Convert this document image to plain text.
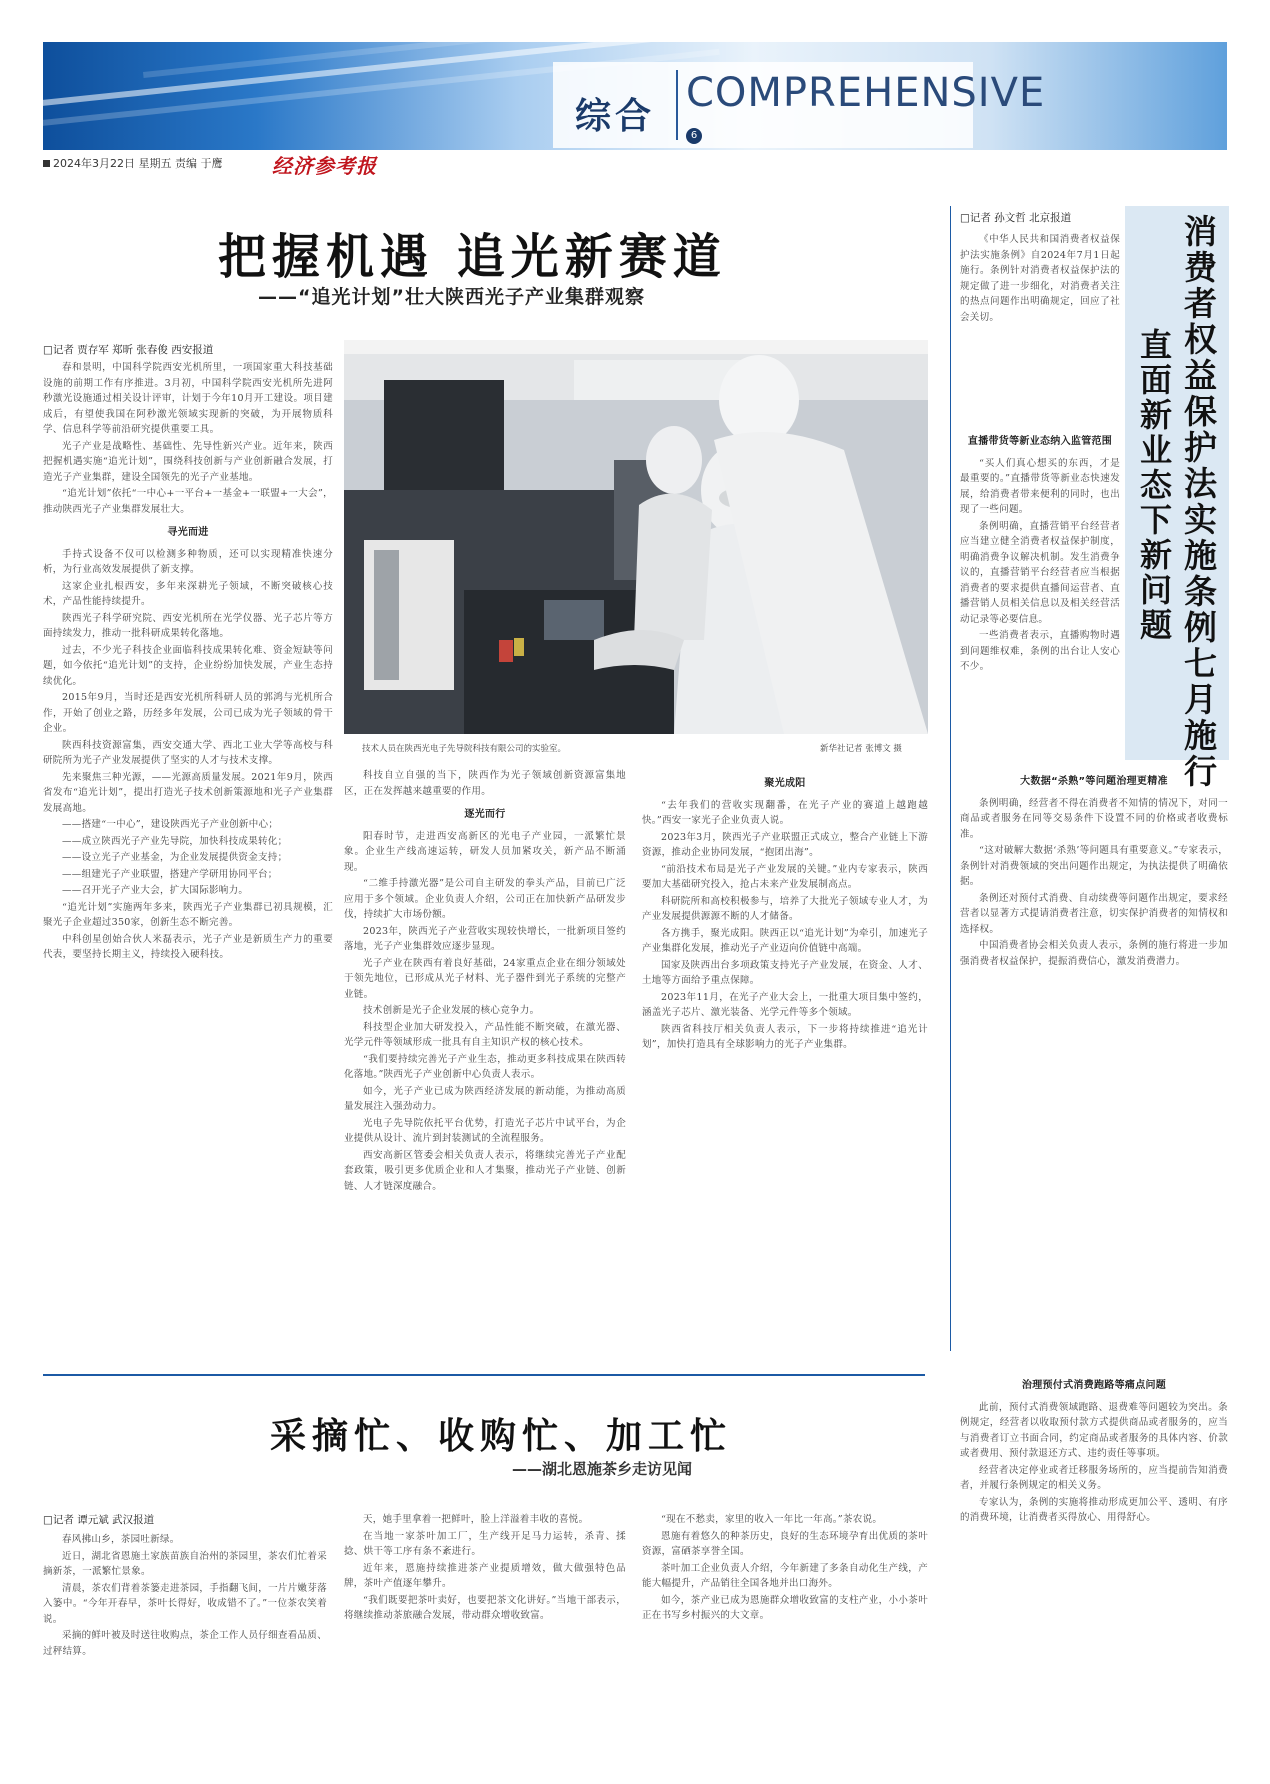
综合 COMPREHENSIVE
6
2024年3月22日 星期五 责编 于鹰 经济参考报
把握机遇 追光新赛道
——“追光计划”壮大陕西光子产业集群观察
□记者 贾存军 郑昕 张春俊 西安报道

春和景明，中国科学院西安光机所里，一项国家重大科技基础设施的前期工作有序推进。3月初，中国科学院西安光机所先进阿秒激光设施通过相关设计评审，计划于今年10月开工建设。项目建成后，有望使我国在阿秒激光领域实现新的突破，为开展物质科学、信息科学等前沿研究提供重要工具。

光子产业是战略性、基础性、先导性新兴产业。近年来，陕西把握机遇实施“追光计划”，围绕科技创新与产业创新融合发展，打造光子产业集群，建设全国领先的光子产业基地。

“追光计划”依托“一中心+一平台+一基金+一联盟+一大会”，推动陕西光子产业集群发展壮大。

寻光而进

手持式设备不仅可以检测多种物质，还可以实现精准快速分析，为行业高效发展提供了新支撑。

这家企业扎根西安，多年来深耕光子领域，不断突破核心技术，产品性能持续提升。

陕西光子科学研究院、西安光机所在光学仪器、光子芯片等方面持续发力，推动一批科研成果转化落地。

过去，不少光子科技企业面临科技成果转化难、资金短缺等问题，如今依托“追光计划”的支持，企业纷纷加快发展，产业生态持续优化。

2015年9月，当时还是西安光机所科研人员的郭鸿与光机所合作，开始了创业之路，历经多年发展，公司已成为光子领域的骨干企业。

陕西科技资源富集，西安交通大学、西北工业大学等高校与科研院所为光子产业发展提供了坚实的人才与技术支撑。

先来聚焦三种光源，——光源高质量发展。2021年9月，陕西省发布“追光计划”，提出打造光子技术创新策源地和光子产业集群发展高地。

——搭建“一中心”，建设陕西光子产业创新中心；

——成立陕西光子产业先导院，加快科技成果转化；

——设立光子产业基金，为企业发展提供资金支持；

——组建光子产业联盟，搭建产学研用协同平台；

——召开光子产业大会，扩大国际影响力。

“追光计划”实施两年多来，陕西光子产业集群已初具规模，汇聚光子企业超过350家，创新生态不断完善。

中科创星创始合伙人米磊表示，光子产业是新质生产力的重要代表，要坚持长期主义，持续投入硬科技。

技术人员在陕西光电子先导院科技有限公司的实验室。	新华社记者 张博文 摄

科技自立自强的当下，陕西作为光子领域创新资源富集地区，正在发挥越来越重要的作用。

逐光而行

阳春时节，走进西安高新区的光电子产业园，一派繁忙景象。企业生产线高速运转，研发人员加紧攻关，新产品不断涌现。

“二维手持激光器”是公司自主研发的拳头产品，目前已广泛应用于多个领域。企业负责人介绍，公司正在加快新产品研发步伐，持续扩大市场份额。

2023年，陕西光子产业营收实现较快增长，一批新项目签约落地，光子产业集群效应逐步显现。

光子产业在陕西有着良好基础，24家重点企业在细分领域处于领先地位，已形成从光子材料、光子器件到光子系统的完整产业链。

技术创新是光子企业发展的核心竞争力。

科技型企业加大研发投入，产品性能不断突破，在激光器、光学元件等领域形成一批具有自主知识产权的核心技术。

“我们要持续完善光子产业生态，推动更多科技成果在陕西转化落地。”陕西光子产业创新中心负责人表示。

如今，光子产业已成为陕西经济发展的新动能，为推动高质量发展注入强劲动力。

光电子先导院依托平台优势，打造光子芯片中试平台，为企业提供从设计、流片到封装测试的全流程服务。

西安高新区管委会相关负责人表示，将继续完善光子产业配套政策，吸引更多优质企业和人才集聚，推动光子产业链、创新链、人才链深度融合。

聚光成阳

“去年我们的营收实现翻番，在光子产业的赛道上越跑越快。”西安一家光子企业负责人说。

2023年3月，陕西光子产业联盟正式成立，整合产业链上下游资源，推动企业协同发展，“抱团出海”。

“前沿技术布局是光子产业发展的关键。”业内专家表示，陕西要加大基础研究投入，抢占未来产业发展制高点。

科研院所和高校积极参与，培养了大批光子领域专业人才，为产业发展提供源源不断的人才储备。

各方携手，聚光成阳。陕西正以“追光计划”为牵引，加速光子产业集群化发展，推动光子产业迈向价值链中高端。

国家及陕西出台多项政策支持光子产业发展，在资金、人才、土地等方面给予重点保障。

2023年11月，在光子产业大会上，一批重大项目集中签约，涵盖光子芯片、激光装备、光学元件等多个领域。

陕西省科技厅相关负责人表示，下一步将持续推进“追光计划”，加快打造具有全球影响力的光子产业集群。

□记者 孙文哲 北京报道	消费者权益保护法实施条例七月施行
直面新业态下新问题

《中华人民共和国消费者权益保护法实施条例》自2024年7月1日起施行。条例针对消费者权益保护法的规定做了进一步细化，对消费者关注的热点问题作出明确规定，回应了社会关切。

直播带货等新业态纳入监管范围

“买人们真心想买的东西，才是最重要的。”直播带货等新业态快速发展，给消费者带来便利的同时，也出现了一些问题。

条例明确，直播营销平台经营者应当建立健全消费者权益保护制度，明确消费争议解决机制。发生消费争议的，直播营销平台经营者应当根据消费者的要求提供直播间运营者、直播营销人员相关信息以及相关经营活动记录等必要信息。

一些消费者表示，直播购物时遇到问题维权难，条例的出台让人安心不少。

大数据“杀熟”等问题治理更精准

条例明确，经营者不得在消费者不知情的情况下，对同一商品或者服务在同等交易条件下设置不同的价格或者收费标准。

“这对破解大数据‘杀熟’等问题具有重要意义。”专家表示，条例针对消费领域的突出问题作出规定，为执法提供了明确依据。

条例还对预付式消费、自动续费等问题作出规定，要求经营者以显著方式提请消费者注意，切实保护消费者的知情权和选择权。

中国消费者协会相关负责人表示，条例的施行将进一步加强消费者权益保护，提振消费信心，激发消费潜力。

治理预付式消费跑路等痛点问题

此前，预付式消费领域跑路、退费难等问题较为突出。条例规定，经营者以收取预付款方式提供商品或者服务的，应当与消费者订立书面合同，约定商品或者服务的具体内容、价款或者费用、预付款退还方式、违约责任等事项。

经营者决定停业或者迁移服务场所的，应当提前告知消费者，并履行条例规定的相关义务。

专家认为，条例的实施将推动形成更加公平、透明、有序的消费环境，让消费者买得放心、用得舒心。

采摘忙、收购忙、加工忙
——湖北恩施茶乡走访见闻
□记者 谭元斌 武汉报道

春风拂山乡，茶园吐新绿。

近日，湖北省恩施土家族苗族自治州的茶园里，茶农们忙着采摘新茶，一派繁忙景象。

清晨，茶农们背着茶篓走进茶园，手指翻飞间，一片片嫩芽落入篓中。“今年开春早，茶叶长得好，收成错不了。”一位茶农笑着说。

采摘的鲜叶被及时送往收购点，茶企工作人员仔细查看品质、过秤结算。

天，她手里拿着一把鲜叶，脸上洋溢着丰收的喜悦。

在当地一家茶叶加工厂，生产线开足马力运转，杀青、揉捻、烘干等工序有条不紊进行。

近年来，恩施持续推进茶产业提质增效，做大做强特色品牌，茶叶产值逐年攀升。

“我们既要把茶叶卖好，也要把茶文化讲好。”当地干部表示，将继续推动茶旅融合发展，带动群众增收致富。

“现在不愁卖，家里的收入一年比一年高。”茶农说。

恩施有着悠久的种茶历史，良好的生态环境孕育出优质的茶叶资源，富硒茶享誉全国。

茶叶加工企业负责人介绍，今年新建了多条自动化生产线，产能大幅提升，产品销往全国各地并出口海外。

如今，茶产业已成为恩施群众增收致富的支柱产业，小小茶叶正在书写乡村振兴的大文章。
